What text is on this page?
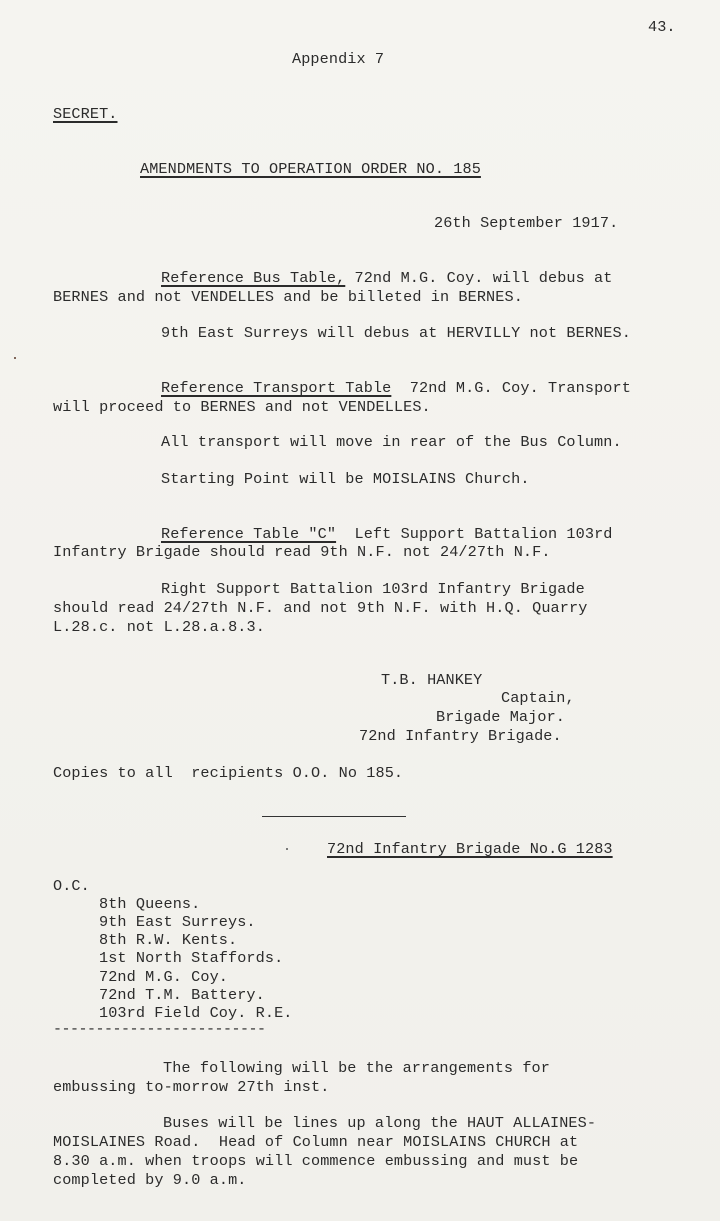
43.
Appendix 7
SECRET.
AMENDMENTS TO OPERATION ORDER NO. 185
26th September 1917.
Reference Bus Table, 72nd M.G. Coy. will debus at
BERNES and not VENDELLES and be billeted in BERNES.
9th East Surreys will debus at HERVILLY not BERNES.
Reference Transport Table  72nd M.G. Coy. Transport
will proceed to BERNES and not VENDELLES.
All transport will move in rear of the Bus Column.
Starting Point will be MOISLAINS Church.
Reference Table "C"  Left Support Battalion 103rd
Infantry Brigade should read 9th N.F. not 24/27th N.F.
Right Support Battalion 103rd Infantry Brigade
should read 24/27th N.F. and not 9th N.F. with H.Q. Quarry
L.28.c. not L.28.a.8.3.
T.B. HANKEY
Captain,
Brigade Major.
72nd Infantry Brigade.
Copies to all  recipients O.O. No 185.
72nd Infantry Brigade No.G 1283
O.C.
8th Queens.
9th East Surreys.
8th R.W. Kents.
1st North Staffords.
72nd M.G. Coy.
72nd T.M. Battery.
103rd Field Coy. R.E.
-------------------------
The following will be the arrangements for
embussing to-morrow 27th inst.
Buses will be lines up along the HAUT ALLAINES-
MOISLAINES Road.  Head of Column near MOISLAINS CHURCH at
8.30 a.m. when troops will commence embussing and must be
completed by 9.0 a.m.
